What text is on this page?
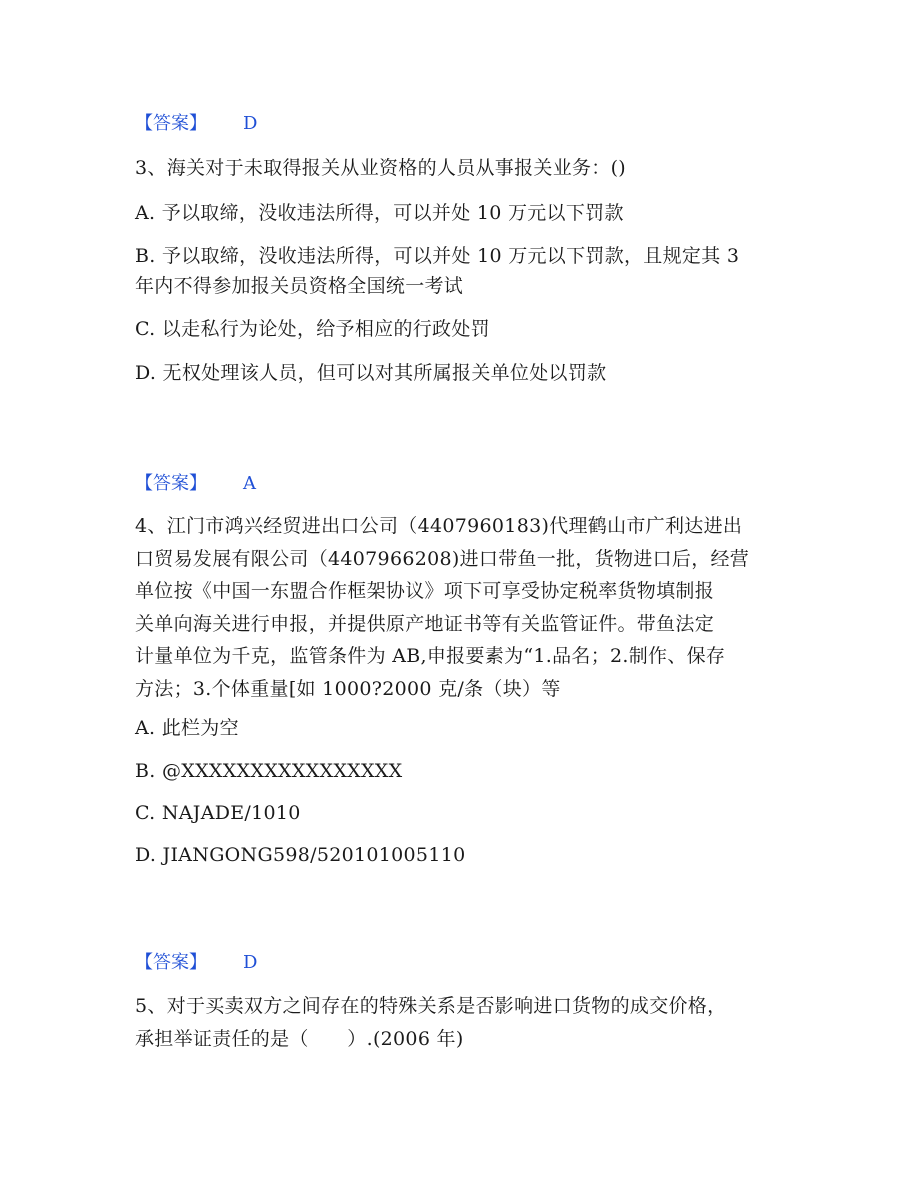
【答案】 D
3、海关对于未取得报关从业资格的人员从事报关业务：()
A. 予以取缔，没收违法所得，可以并处 10 万元以下罚款
B. 予以取缔，没收违法所得，可以并处 10 万元以下罚款，且规定其 3
年内不得参加报关员资格全国统一考试
C. 以走私行为论处，给予相应的行政处罚
D. 无权处理该人员，但可以对其所属报关单位处以罚款
【答案】 A
4、江门市鸿兴经贸进出口公司（4407960183)代理鹤山市广利达进出
口贸易发展有限公司（4407966208)进口带鱼一批，货物进口后，经营
单位按《中国一东盟合作框架协议》项下可享受协定税率货物填制报
关单向海关进行申报，并提供原产地证书等有关监管证件。带鱼法定
计量单位为千克，监管条件为 AB,申报要素为“1.品名；2.制作、保存
方法；3.个体重量[如 1000?2000 克/条（块）等
A. 此栏为空
B. @XXXXXXXXXXXXXXXX
C. NAJADE/1010
D. JIANGONG598/520101005110
【答案】 D
5、对于买卖双方之间存在的特殊关系是否影响进口货物的成交价格，
承担举证责任的是（　　）.(2006 年)
